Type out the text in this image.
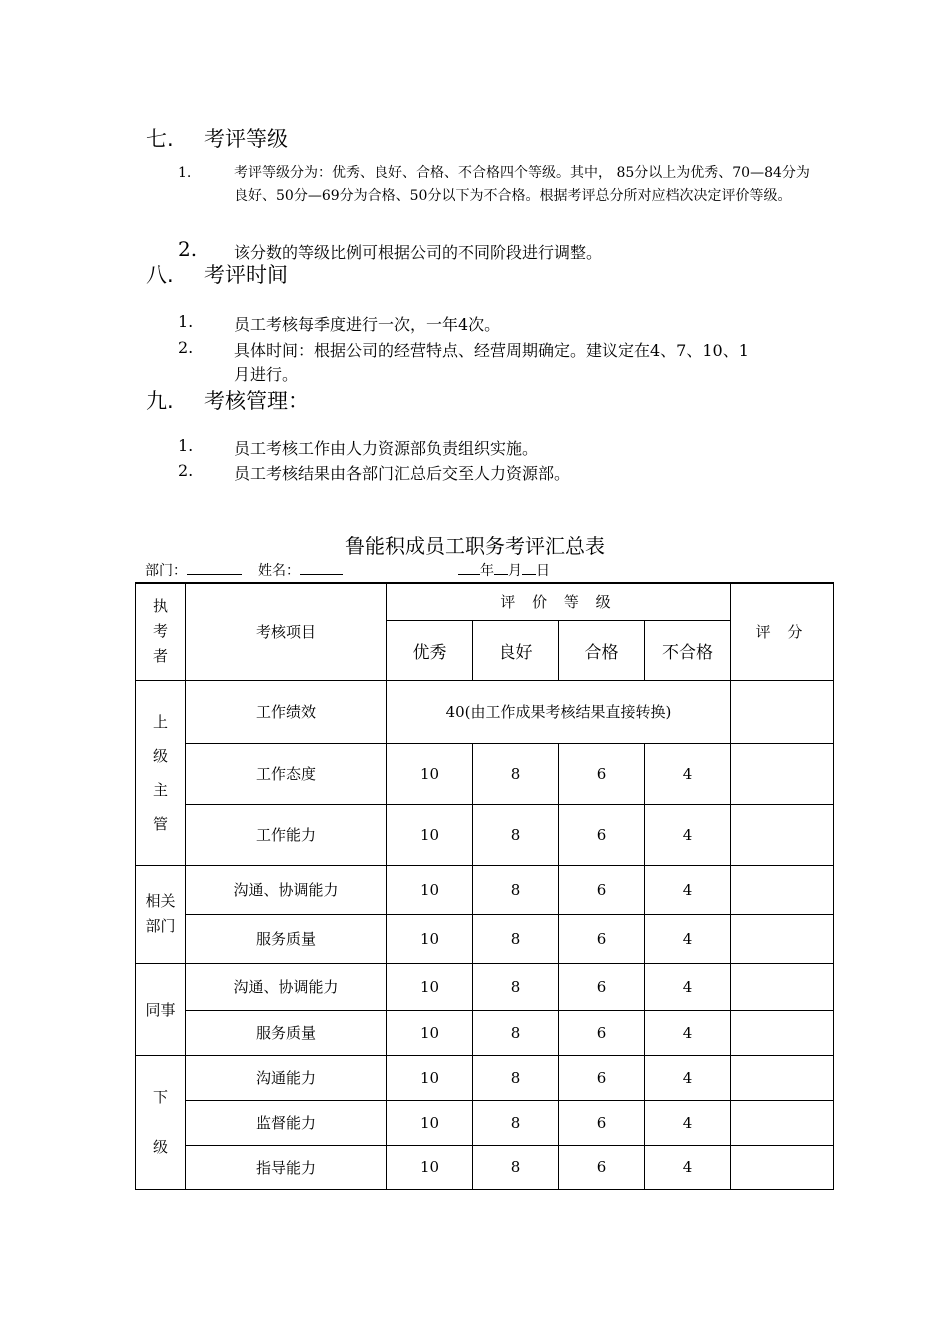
七. 考评等级
1.	考评等级分为：优秀、良好、合格、不合格四个等级。其中， 85分以上为优秀、70—84分为良好、50分—69分为合格、50分以下为不合格。根据考评总分所对应档次决定评价等级。
2. 该分数的等级比例可根据公司的不同阶段进行调整。
八. 考评时间
1.	员工考核每季度进行一次，一年4次。
2.	具体时间：根据公司的经营特点、经营周期确定。建议定在4、7、10、1
月进行。
九. 考核管理：
1.	员工考核工作由人力资源部负责组织实施。
2.	员工考核结果由各部门汇总后交至人力资源部。
鲁能积成员工职务考评汇总表
部门：	姓名：	年 月 日
执考者	考核项目	评 价 等 级				评 分
		优秀	良好	合格	不合格	

上级主管	工作绩效	40(由工作成果考核结果直接转换)				
	工作态度	10	8	6	4	
	工作能力	10	8	6	4	

相关部门	沟通、协调能力	10	8	6	4	
	服务质量	10	8	6	4	
同事	沟通、协调能力	10	8	6	4	
	服务质量	10	8	6	4	

下级	沟通能力	10	8	6	4	
	监督能力	10	8	6	4	
	指导能力	10	8	6	4	
